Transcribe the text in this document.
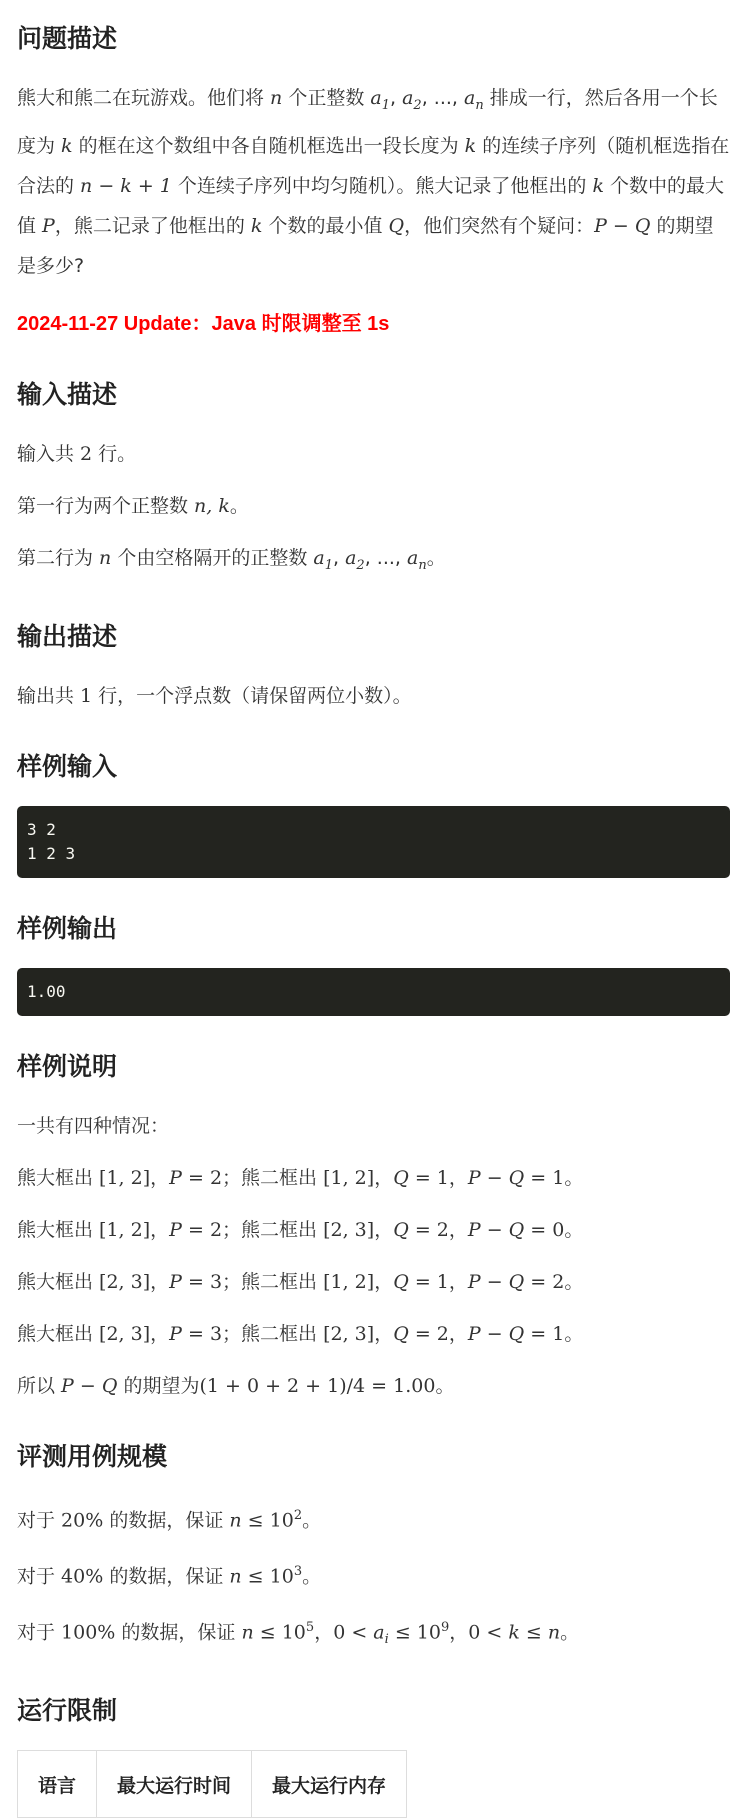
问题描述

熊大和熊二在玩游戏。他们将 n 个正整数 $a_1$, $a_2$, ..., $a_n$ 排成一行，然后各用一个长度为 k 的框在这个数组中各自随机框选出一段长度为 k 的连续子序列（随机框选指在合法的 n − k + 1 个连续子序列中均匀随机）。熊大记录了他框出的 k 个数中的最大值 P，熊二记录了他框出的 k 个数的最小值 Q，他们突然有个疑问：P − Q 的期望是多少?

2024-11-27 Update：Java 时限调整至 1s

输入描述

输入共 2 行。

第一行为两个正整数 n, k。

第二行为 n 个由空格隔开的正整数 $a_1$, $a_2$, ..., $a_n$。

输出描述

输出共 1 行，一个浮点数（请保留两位小数）。

样例输入
3 2
1 2 3
样例输出
1.00
样例说明

一共有四种情况：

熊大框出 [1, 2]，P = 2；熊二框出 [1, 2]，Q = 1，P − Q = 1。

熊大框出 [1, 2]，P = 2；熊二框出 [2, 3]，Q = 2，P − Q = 0。

熊大框出 [2, 3]，P = 3；熊二框出 [1, 2]，Q = 1，P − Q = 2。

熊大框出 [2, 3]，P = 3；熊二框出 [2, 3]，Q = 2，P − Q = 1。

所以 P − Q 的期望为(1 + 0 + 2 + 1)/4 = 1.00。

评测用例规模

对于 20% 的数据，保证 $n \le 10^2$。

对于 40% 的数据，保证 $n \le 10^3$。

对于 100% 的数据，保证 $n \le 10^5$，$0 < a_i \le 10^9$，0 < k ≤ n。

运行限制
语言	最大运行时间	最大运行内存
